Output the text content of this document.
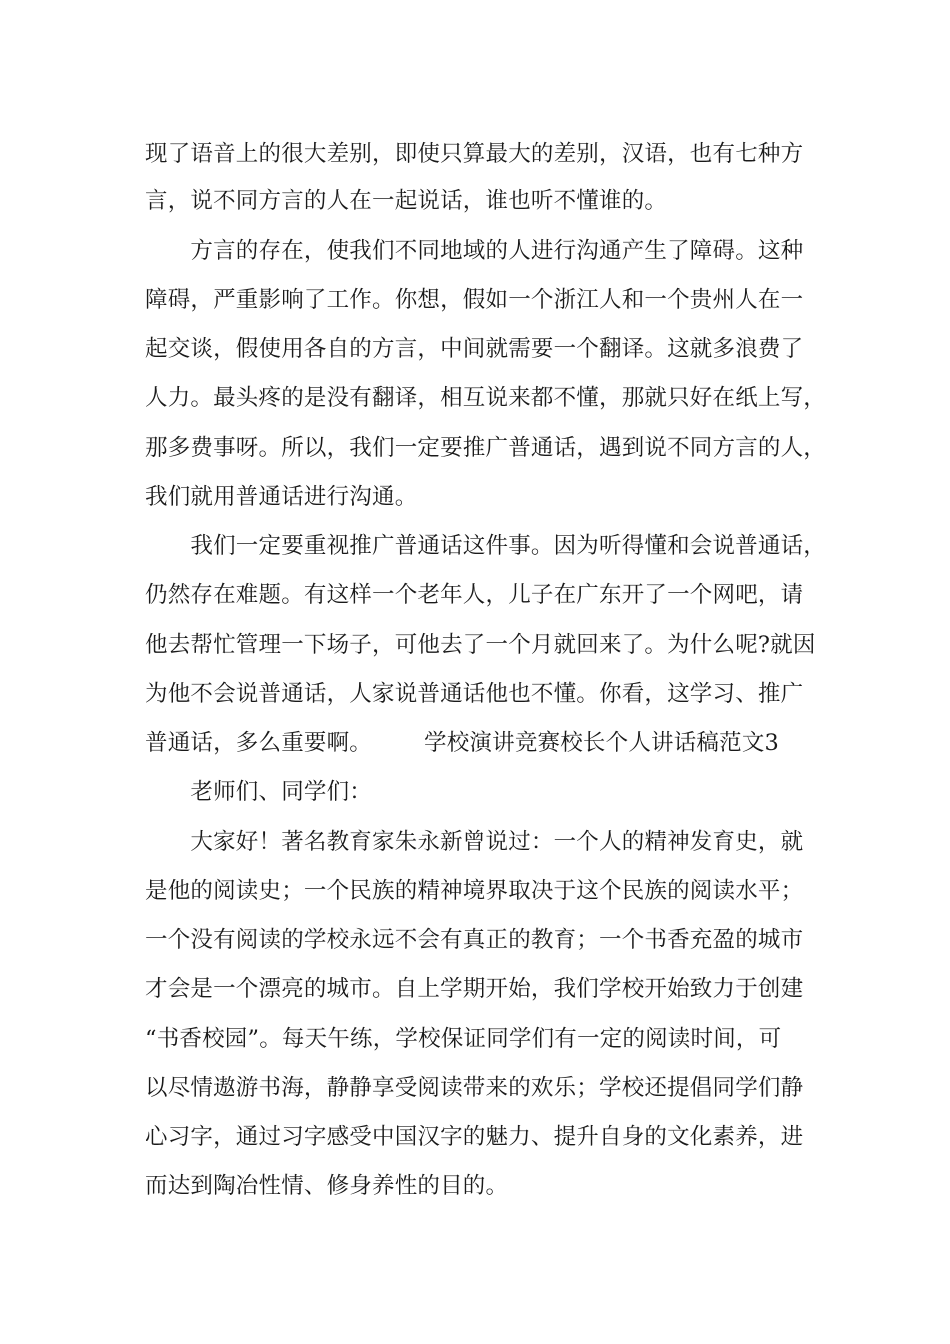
现了语音上的很大差别，即使只算最大的差别，汉语，也有七种方
言，说不同方言的人在一起说话，谁也听不懂谁的。
　　方言的存在，使我们不同地域的人进行沟通产生了障碍。这种
障碍，严重影响了工作。你想，假如一个浙江人和一个贵州人在一
起交谈，假使用各自的方言，中间就需要一个翻译。这就多浪费了
人力。最头疼的是没有翻译，相互说来都不懂，那就只好在纸上写，
那多费事呀。所以，我们一定要推广普通话，遇到说不同方言的人，
我们就用普通话进行沟通。
　　我们一定要重视推广普通话这件事。因为听得懂和会说普通话，
仍然存在难题。有这样一个老年人，儿子在广东开了一个网吧，请
他去帮忙管理一下场子，可他去了一个月就回来了。为什么呢?就因
为他不会说普通话，人家说普通话他也不懂。你看，这学习、推广
普通话，多么重要啊。 学校演讲竞赛校长个人讲话稿范文3
　　老师们、同学们：
　　大家好！著名教育家朱永新曾说过：一个人的精神发育史，就
是他的阅读史；一个民族的精神境界取决于这个民族的阅读水平；
一个没有阅读的学校永远不会有真正的教育；一个书香充盈的城市
才会是一个漂亮的城市。自上学期开始，我们学校开始致力于创建
“书香校园”。每天午练，学校保证同学们有一定的阅读时间，可
以尽情遨游书海，静静享受阅读带来的欢乐；学校还提倡同学们静
心习字，通过习字感受中国汉字的魅力、提升自身的文化素养，进
而达到陶冶性情、修身养性的目的。
